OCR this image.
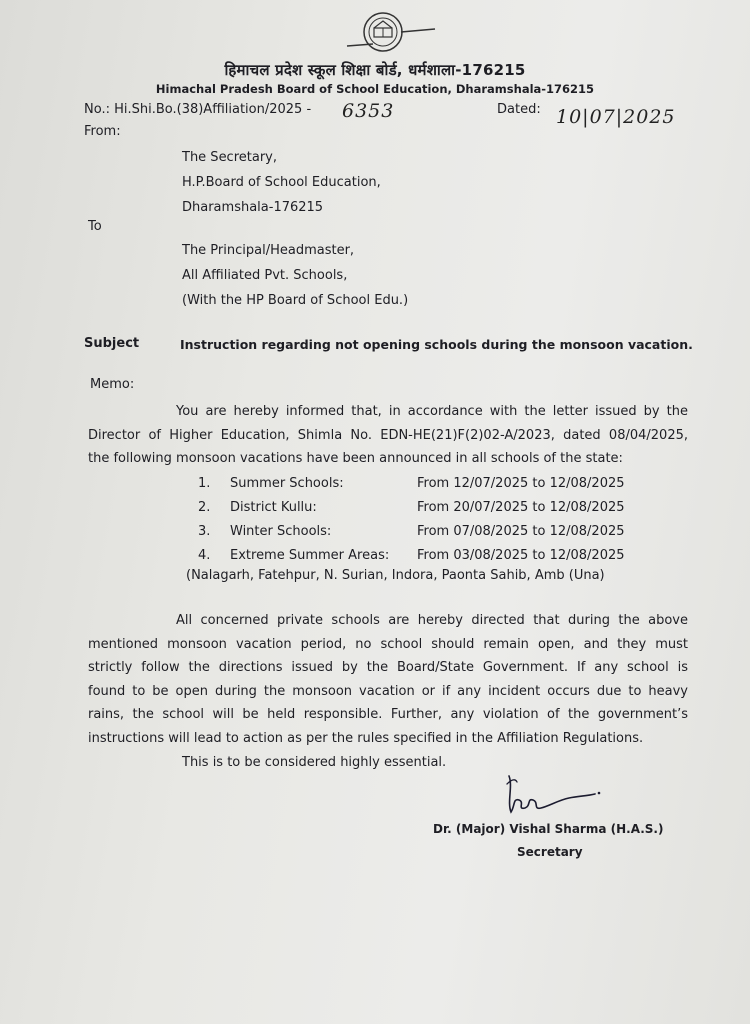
हिमाचल प्रदेश स्कूल शिक्षा बोर्ड, धर्मशाला-176215
Himachal Pradesh Board of School Education, Dharamshala-176215
No.: Hi.Shi.Bo.(38)Affiliation/2025 - 6353	Dated: 10|07|2025
From:
The Secretary,
H.P.Board of School Education,
Dharamshala-176215
To
The Principal/Headmaster,
All Affiliated Pvt. Schools,
(With the HP Board of School Edu.)
Subject	Instruction regarding not opening schools during the monsoon vacation.
Memo:
You are hereby informed that, in accordance with the letter issued by the
Director of Higher Education, Shimla No. EDN-HE(21)F(2)02-A/2023, dated 08/04/2025,
the following monsoon vacations have been announced in all schools of the state:
1.	Summer Schools:	From 12/07/2025 to 12/08/2025
2.	District Kullu:	From 20/07/2025 to 12/08/2025
3.	Winter Schools:	From 07/08/2025 to 12/08/2025
4.	Extreme Summer Areas:	From 03/08/2025 to 12/08/2025
(Nalagarh, Fatehpur, N. Surian, Indora, Paonta Sahib, Amb (Una)
All concerned private schools are hereby directed that during the above
mentioned monsoon vacation period, no school should remain open, and they must
strictly follow the directions issued by the Board/State Government. If any school is
found to be open during the monsoon vacation or if any incident occurs due to heavy
rains, the school will be held responsible. Further, any violation of the government’s
instructions will lead to action as per the rules specified in the Affiliation Regulations.
This is to be considered highly essential.
Dr. (Major) Vishal Sharma (H.A.S.)
Secretary
